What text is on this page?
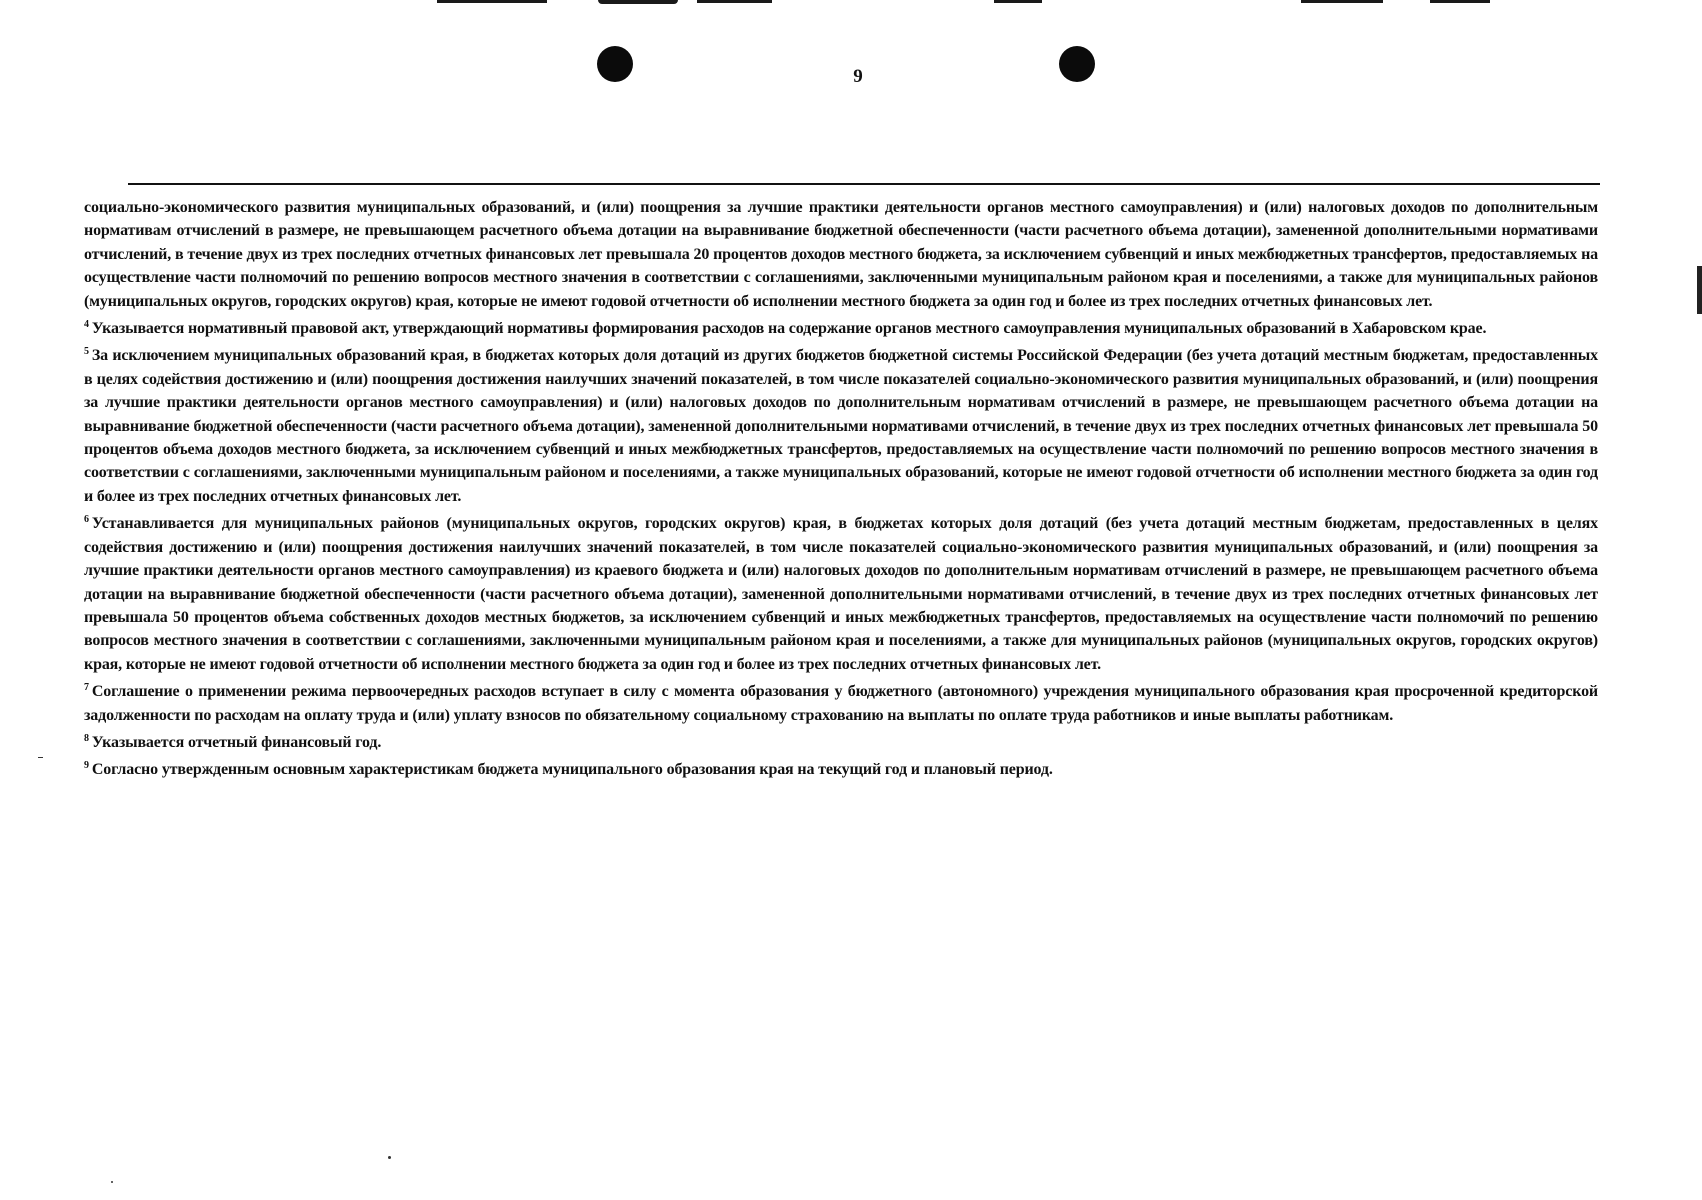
9

социально-экономического развития муниципальных образований, и (или) поощрения за лучшие практики деятельности органов местного самоуправления) и (или) налоговых доходов по дополнительным нормативам отчислений в размере, не превышающем расчетного объема дотации на выравнивание бюджетной обеспеченности (части расчетного объема дотации), замененной дополнительными нормативами отчислений, в течение двух из трех последних отчетных финансовых лет превышала 20 процентов доходов местного бюджета, за исключением субвенций и иных межбюджетных трансфертов, предоставляемых на осуществление части полномочий по решению вопросов местного значения в соответствии с соглашениями, заключенными муниципальным районом края и поселениями, а также для муниципальных районов (муниципальных округов, городских округов) края, которые не имеют годовой отчетности об исполнении местного бюджета за один год и более из трех последних отчетных финансовых лет.

$^4$ Указывается нормативный правовой акт, утверждающий нормативы формирования расходов на содержание органов местного самоуправления муниципальных образований в Хабаровском крае.

$^5$ За исключением муниципальных образований края, в бюджетах которых доля дотаций из других бюджетов бюджетной системы Российской Федерации (без учета дотаций местным бюджетам, предоставленных в целях содействия достижению и (или) поощрения достижения наилучших значений показателей, в том числе показателей социально-экономического развития муниципальных образований, и (или) поощрения за лучшие практики деятельности органов местного самоуправления) и (или) налоговых доходов по дополнительным нормативам отчислений в размере, не превышающем расчетного объема дотации на выравнивание бюджетной обеспеченности (части расчетного объема дотации), замененной дополнительными нормативами отчислений, в течение двух из трех последних отчетных финансовых лет превышала 50 процентов объема доходов местного бюджета, за исключением субвенций и иных межбюджетных трансфертов, предоставляемых на осуществление части полномочий по решению вопросов местного значения в соответствии с соглашениями, заключенными муниципальным районом и поселениями, а также муниципальных образований, которые не имеют годовой отчетности об исполнении местного бюджета за один год и более из трех последних отчетных финансовых лет.

$^6$ Устанавливается для муниципальных районов (муниципальных округов, городских округов) края, в бюджетах которых доля дотаций (без учета дотаций местным бюджетам, предоставленных в целях содействия достижению и (или) поощрения достижения наилучших значений показателей, в том числе показателей социально-экономического развития муниципальных образований, и (или) поощрения за лучшие практики деятельности органов местного самоуправления) из краевого бюджета и (или) налоговых доходов по дополнительным нормативам отчислений в размере, не превышающем расчетного объема дотации на выравнивание бюджетной обеспеченности (части расчетного объема дотации), замененной дополнительными нормативами отчислений, в течение двух из трех последних отчетных финансовых лет превышала 50 процентов объема собственных доходов местных бюджетов, за исключением субвенций и иных межбюджетных трансфертов, предоставляемых на осуществление части полномочий по решению вопросов местного значения в соответствии с соглашениями, заключенными муниципальным районом края и поселениями, а также для муниципальных районов (муниципальных округов, городских округов) края, которые не имеют годовой отчетности об исполнении местного бюджета за один год и более из трех последних отчетных финансовых лет.

$^7$ Соглашение о применении режима первоочередных расходов вступает в силу с момента образования у бюджетного (автономного) учреждения муниципального образования края просроченной кредиторской задолженности по расходам на оплату труда и (или) уплату взносов по обязательному социальному страхованию на выплаты по оплате труда работников и иные выплаты работникам.

$^8$ Указывается отчетный финансовый год.

$^9$ Согласно утвержденным основным характеристикам бюджета муниципального образования края на текущий год и плановый период.
